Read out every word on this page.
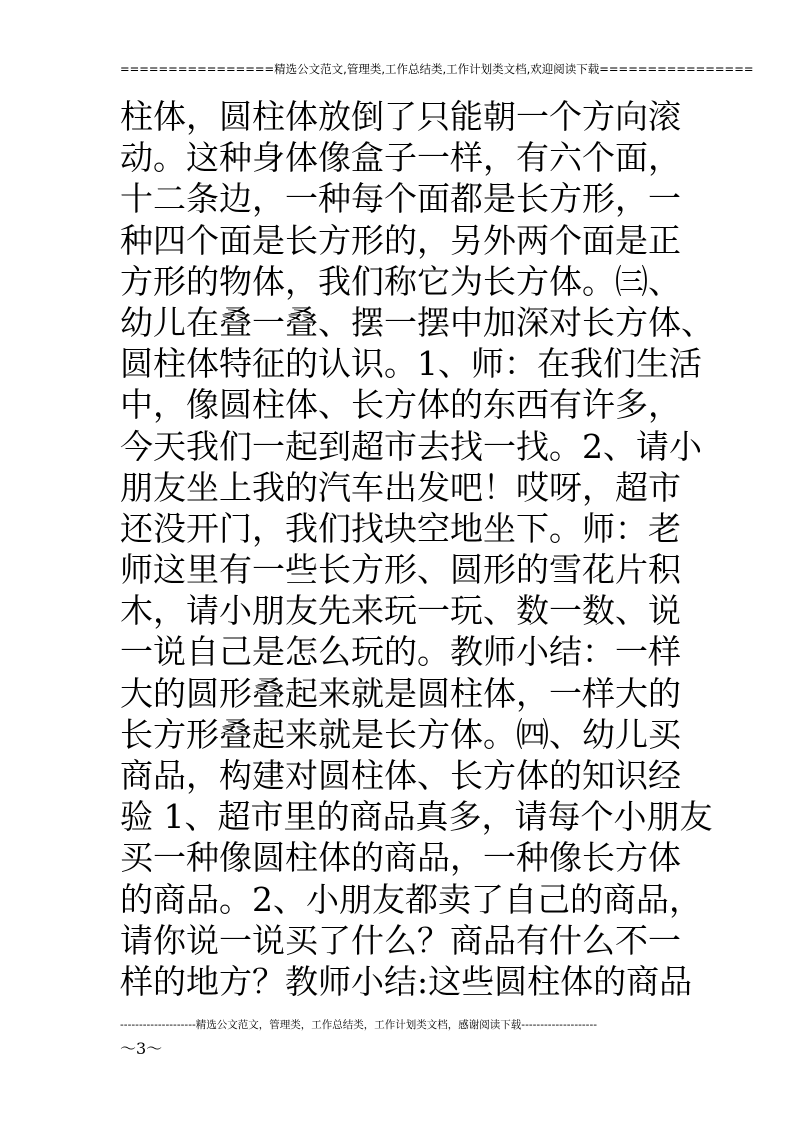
================精选公文范文,管理类,工作总结类,工作计划类文档,欢迎阅读下载================
柱体，圆柱体放倒了只能朝一个方向滚
动。这种身体像盒子一样，有六个面，
十二条边，一种每个面都是长方形，一
种四个面是长方形的，另外两个面是正
方形的物体，我们称它为长方体。㈢、
幼儿在叠一叠、摆一摆中加深对长方体、
圆柱体特征的认识。1、师：在我们生活
中，像圆柱体、长方体的东西有许多，
今天我们一起到超市去找一找。2、请小
朋友坐上我的汽车出发吧！哎呀，超市
还没开门，我们找块空地坐下。师：老
师这里有一些长方形、圆形的雪花片积
木，请小朋友先来玩一玩、数一数、说
一说自己是怎么玩的。教师小结：一样
大的圆形叠起来就是圆柱体，一样大的
长方形叠起来就是长方体。㈣、幼儿买
商品，构建对圆柱体、长方体的知识经
验 1、超市里的商品真多，请每个小朋友
买一种像圆柱体的商品，一种像长方体
的商品。2、小朋友都卖了自己的商品，
请你说一说买了什么？商品有什么不一
样的地方？教师小结:这些圆柱体的商品
--------------------精选公文范文，管理类，工作总结类，工作计划类文档，感谢阅读下载--------------------
～3～
